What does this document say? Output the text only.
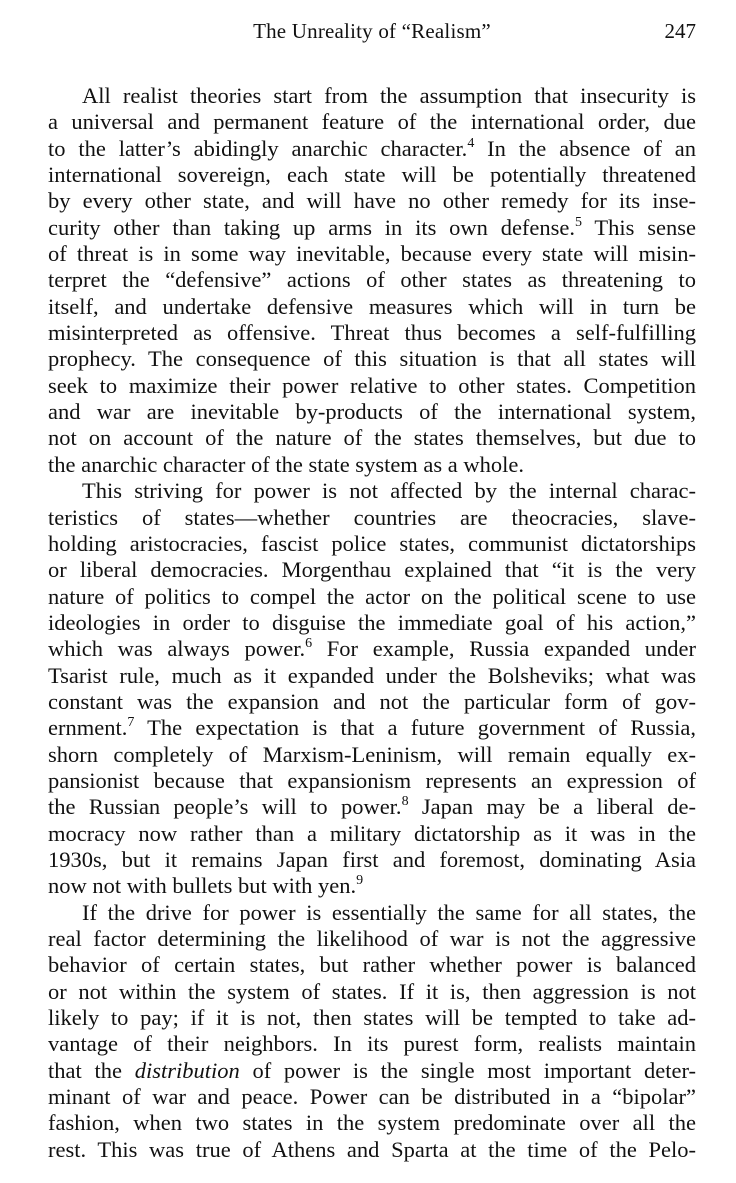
The Unreality of “Realism”	247
All realist theories start from the assumption that insecurity is
a universal and permanent feature of the international order, due
to the latter’s abidingly anarchic character.$^4$ In the absence of an
international sovereign, each state will be potentially threatened
by every other state, and will have no other remedy for its inse-
curity other than taking up arms in its own defense.$^5$ This sense
of threat is in some way inevitable, because every state will misin-
terpret the “defensive” actions of other states as threatening to
itself, and undertake defensive measures which will in turn be
misinterpreted as offensive. Threat thus becomes a self-fulfilling
prophecy. The consequence of this situation is that all states will
seek to maximize their power relative to other states. Competition
and war are inevitable by-products of the international system,
not on account of the nature of the states themselves, but due to
the anarchic character of the state system as a whole.
This striving for power is not affected by the internal charac-
teristics of states—whether countries are theocracies, slave-
holding aristocracies, fascist police states, communist dictatorships
or liberal democracies. Morgenthau explained that “it is the very
nature of politics to compel the actor on the political scene to use
ideologies in order to disguise the immediate goal of his action,”
which was always power.$^6$ For example, Russia expanded under
Tsarist rule, much as it expanded under the Bolsheviks; what was
constant was the expansion and not the particular form of gov-
ernment.$^7$ The expectation is that a future government of Russia,
shorn completely of Marxism-Leninism, will remain equally ex-
pansionist because that expansionism represents an expression of
the Russian people’s will to power.$^8$ Japan may be a liberal de-
mocracy now rather than a military dictatorship as it was in the
1930s, but it remains Japan first and foremost, dominating Asia
now not with bullets but with yen.$^9$
If the drive for power is essentially the same for all states, the
real factor determining the likelihood of war is not the aggressive
behavior of certain states, but rather whether power is balanced
or not within the system of states. If it is, then aggression is not
likely to pay; if it is not, then states will be tempted to take ad-
vantage of their neighbors. In its purest form, realists maintain
that the distribution of power is the single most important deter-
minant of war and peace. Power can be distributed in a “bipolar”
fashion, when two states in the system predominate over all the
rest. This was true of Athens and Sparta at the time of the Pelo-
